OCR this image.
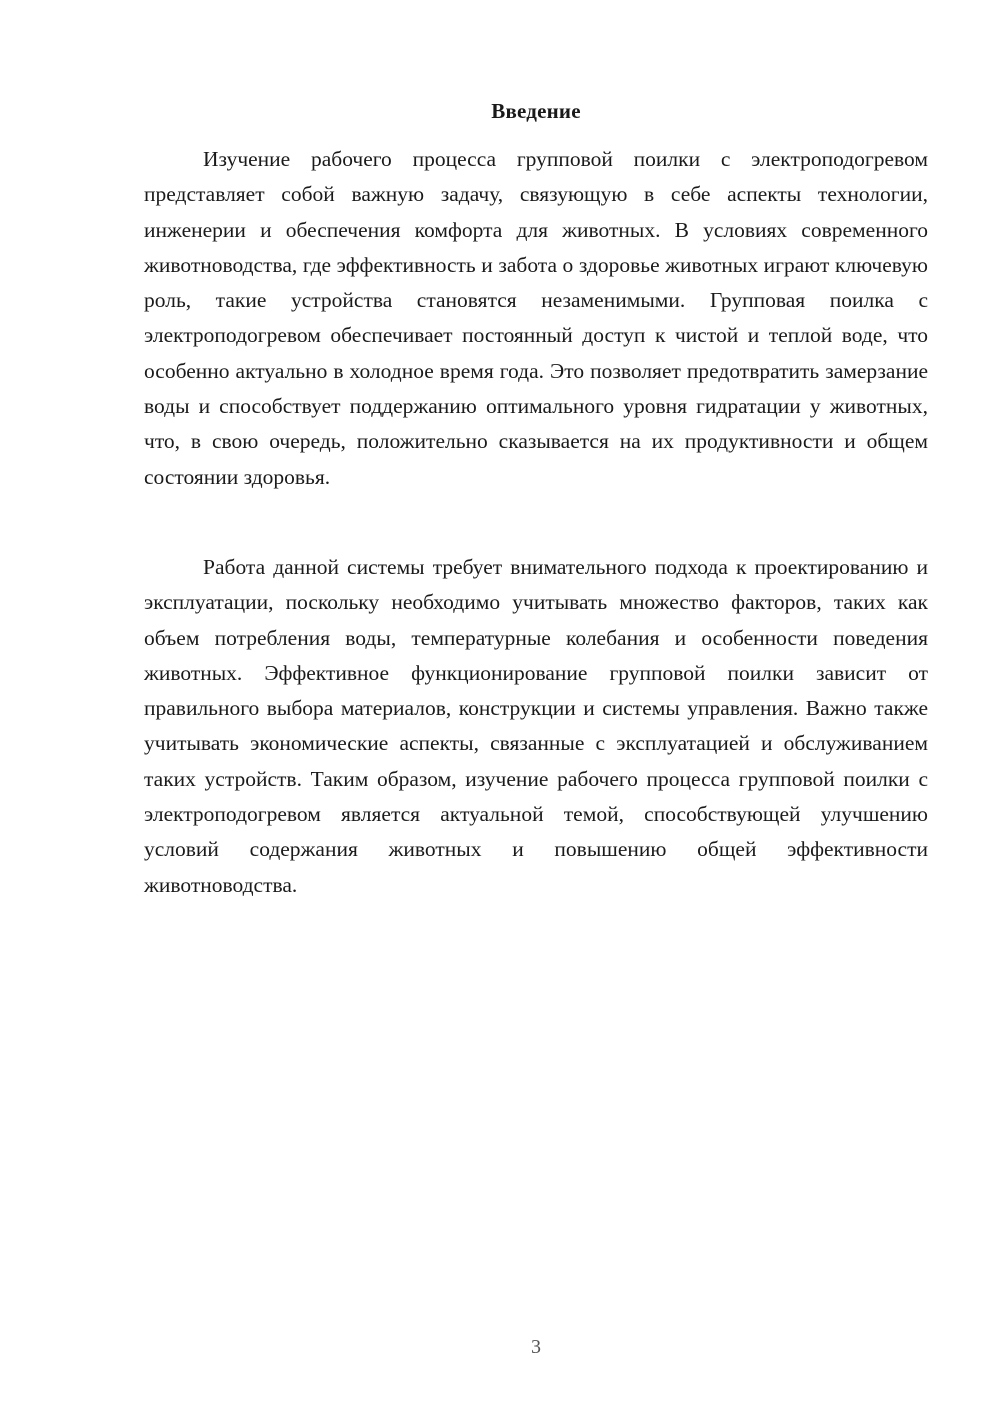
Введение

Изучение рабочего процесса групповой поилки с электроподогревом представляет собой важную задачу, связующую в себе аспекты технологии, инженерии и обеспечения комфорта для животных. В условиях современного животноводства, где эффективность и забота о здоровье животных играют ключевую роль, такие устройства становятся незаменимыми. Групповая поилка с электроподогревом обеспечивает постоянный доступ к чистой и теплой воде, что особенно актуально в холодное время года. Это позволяет предотвратить замерзание воды и способствует поддержанию оптимального уровня гидратации у животных, что, в свою очередь, положительно сказывается на их продуктивности и общем состоянии здоровья.

Работа данной системы требует внимательного подхода к проектированию и эксплуатации, поскольку необходимо учитывать множество факторов, таких как объем потребления воды, температурные колебания и особенности поведения животных. Эффективное функционирование групповой поилки зависит от правильного выбора материалов, конструкции и системы управления. Важно также учитывать экономические аспекты, связанные с эксплуатацией и обслуживанием таких устройств. Таким образом, изучение рабочего процесса групповой поилки с электроподогревом является актуальной темой, способствующей улучшению условий содержания животных и повышению общей эффективности животноводства.

3
